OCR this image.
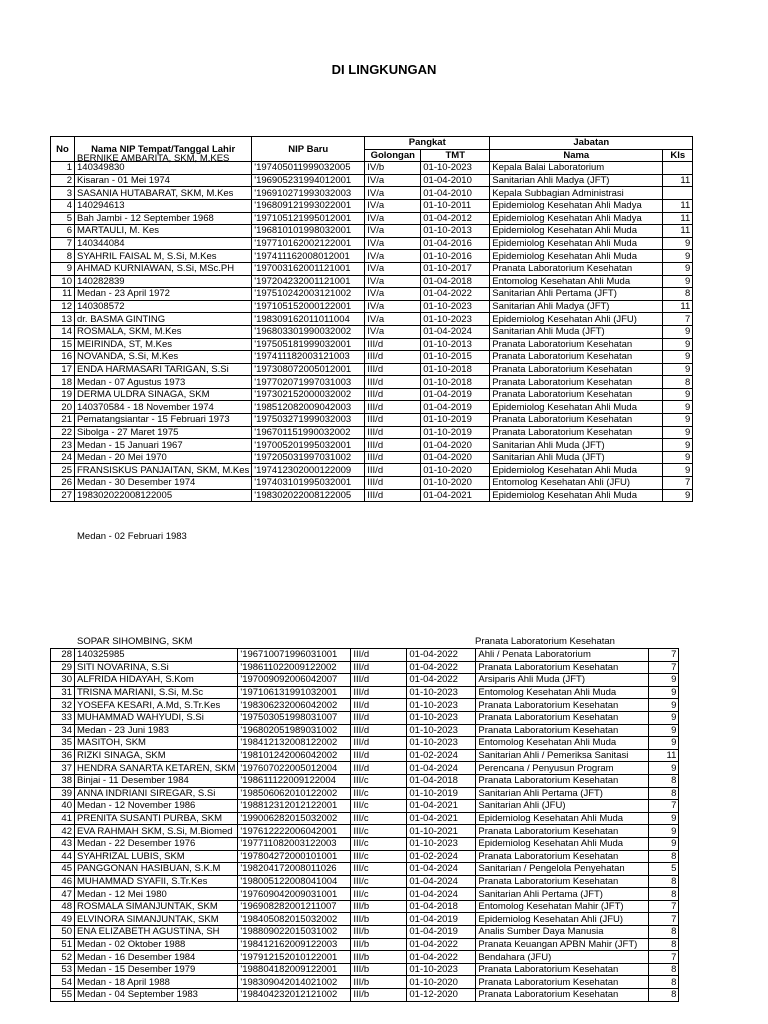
DI LINGKUNGAN
No	Nama NIP Tempat/Tanggal Lahir	NIP Baru	Pangkat		Jabatan	
			Golongan	TMT	Nama	Kls
1	140349830	'197405011999032005	IV/b	01-10-2023	Kepala Balai Laboratorium	
2	Kisaran - 01 Mei 1974	'196905231994012001	IV/a	01-04-2010	Sanitarian Ahli Madya (JFT)	11
3	SASANIA HUTABARAT, SKM, M.Kes	'196910271993032003	IV/a	01-04-2010	Kepala Subbagian Administrasi	
4	140294613	'196809121993022001	IV/a	01-10-2011	Epidemiolog Kesehatan Ahli Madya	11
5	Bah Jambi - 12 September 1968	'197105121995012001	IV/a	01-04-2012	Epidemiolog Kesehatan Ahli Madya	11
6	MARTAULI, M. Kes	'196810101998032001	IV/a	01-10-2013	Epidemiolog Kesehatan Ahli Muda	11
7	140344084	'197710162002122001	IV/a	01-04-2016	Epidemiolog Kesehatan Ahli Muda	9
8	SYAHRIL FAISAL M, S.Si, M.Kes	'197411162008012001	IV/a	01-10-2016	Epidemiolog Kesehatan Ahli Muda	9
9	AHMAD KURNIAWAN, S.Si, MSc.PH	'197003162001121001	IV/a	01-10-2017	Pranata Laboratorium Kesehatan	9
10	140282839	'197204232001121001	IV/a	01-04-2018	Entomolog Kesehatan Ahli Muda	9
11	Medan - 23 April 1972	'197510242003121002	IV/a	01-04-2022	Sanitarian Ahli Pertama (JFT)	8
12	140308572	'197105152000122001	IV/a	01-10-2023	Sanitarian Ahli Madya (JFT)	11
13	dr. BASMA GINTING	'198309162011011004	IV/a	01-10-2023	Epidemiolog Kesehatan Ahli (JFU)	7
14	ROSMALA, SKM, M.Kes	'196803301990032002	IV/a	01-04-2024	Sanitarian Ahli Muda (JFT)	9
15	MEIRINDA, ST, M.Kes	'197505181999032001	III/d	01-10-2013	Pranata Laboratorium Kesehatan	9
16	NOVANDA, S.Si, M.Kes	'197411182003121003	III/d	01-10-2015	Pranata Laboratorium Kesehatan	9
17	ENDA HARMASARI TARIGAN, S.Si	'197308072005012001	III/d	01-10-2018	Pranata Laboratorium Kesehatan	9
18	Medan - 07 Agustus 1973	'197702071997031003	III/d	01-10-2018	Pranata Laboratorium Kesehatan	8
19	DERMA ULDRA SINAGA, SKM	'197302152000032002	III/d	01-04-2019	Pranata Laboratorium Kesehatan	9
20	140370584 - 18 November 1974	'198512082009042003	III/d	01-04-2019	Epidemiolog Kesehatan Ahli Muda	9
21	Pematangsiantar - 15 Februari 1973	'197503271999032003	III/d	01-10-2019	Pranata Laboratorium Kesehatan	9
22	Sibolga - 27 Maret 1975	'196701151990032002	III/d	01-10-2019	Pranata Laboratorium Kesehatan	9
23	Medan - 15 Januari 1967	'197005201995032001	III/d	01-04-2020	Sanitarian Ahli Muda (JFT)	9
24	Medan - 20 Mei 1970	'197205031997031002	III/d	01-04-2020	Sanitarian Ahli Muda (JFT)	9
25	FRANSISKUS PANJAITAN, SKM, M.Kes	'197412302000122009	III/d	01-10-2020	Epidemiolog Kesehatan Ahli Muda	9
26	Medan - 30 Desember 1974	'197403101995032001	III/d	01-10-2020	Entomolog Kesehatan Ahli (JFU)	7
27	198302022008122005	'198302022008122005	III/d	01-04-2021	Epidemiolog Kesehatan Ahli Muda	9
BERNIKE AMBARITA, SKM, M.KES
Medan - 02 Februari 1983
SOPAR SIHOMBING, SKM	Pranata Laboratorium Kesehatan
28	140325985	'196710071996031001	III/d	01-04-2022	Ahli / Penata Laboratorium	7
29	SITI NOVARINA, S.Si	'198611022009122002	III/d	01-04-2022	Pranata Laboratorium Kesehatan	7
30	ALFRIDA HIDAYAH, S.Kom	'197009092006042007	III/d	01-04-2022	Arsiparis Ahli Muda (JFT)	9
31	TRISNA MARIANI, S.Si, M.Sc	'197106131991032001	III/d	01-10-2023	Entomolog Kesehatan Ahli Muda	9
32	YOSEFA KESARI, A.Md, S.Tr.Kes	'198306232006042002	III/d	01-10-2023	Pranata Laboratorium Kesehatan	9
33	MUHAMMAD WAHYUDI, S.Si	'197503051998031007	III/d	01-10-2023	Pranata Laboratorium Kesehatan	9
34	Medan - 23 Juni 1983	'196802051989031002	III/d	01-10-2023	Pranata Laboratorium Kesehatan	9
35	MASITOH, SKM	'198412132008122002	III/d	01-10-2023	Entomolog Kesehatan Ahli Muda	9
36	RIZKI SINAGA, SKM	'198101242006042002	III/d	01-02-2024	Sanitarian Ahli / Pemeriksa Sanitasi	11
37	HENDRA SANARTA KETAREN, SKM	'197607022005012004	III/d	01-04-2024	Perencana / Penyusun Program	9
38	Binjai - 11 Desember 1984	'198611122009122004	III/c	01-04-2018	Pranata Laboratorium Kesehatan	8
39	ANNA INDRIANI SIREGAR, S.Si	'198506062010122002	III/c	01-10-2019	Sanitarian Ahli Pertama (JFT)	8
40	Medan - 12 November 1986	'198812312012122001	III/c	01-04-2021	Sanitarian Ahli (JFU)	7
41	PRENITA SUSANTI PURBA, SKM	'199006282015032002	III/c	01-04-2021	Epidemiolog Kesehatan Ahli Muda	9
42	EVA RAHMAH SKM, S.Si, M.Biomed	'197612222006042001	III/c	01-10-2021	Pranata Laboratorium Kesehatan	9
43	Medan - 22 Desember 1976	'197711082003122003	III/c	01-10-2023	Epidemiolog Kesehatan Ahli Muda	9
44	SYAHRIZAL LUBIS, SKM	'197804272000101001	III/c	01-02-2024	Pranata Laboratorium Kesehatan	8
45	PANGGONAN HASIBUAN, S.K.M	'198204172008011026	III/c	01-04-2024	Sanitarian / Pengelola Penyehatan	5
46	MUHAMMAD SYAFII, S.Tr.Kes	'198005122008041004	III/c	01-04-2024	Pranata Laboratorium Kesehatan	8
47	Medan - 12 Mei 1980	'197609042009031001	III/c	01-04-2024	Sanitarian Ahli Pertama (JFT)	8
48	ROSMALA SIMANJUNTAK, SKM	'196908282001211007	III/b	01-04-2018	Entomolog Kesehatan Mahir (JFT)	7
49	ELVINORA SIMANJUNTAK, SKM	'198405082015032002	III/b	01-04-2019	Epidemiolog Kesehatan Ahli (JFU)	7
50	ENA ELIZABETH AGUSTINA, SH	'198809022015031002	III/b	01-04-2019	Analis Sumber Daya Manusia	8
51	Medan - 02 Oktober 1988	'198412162009122003	III/b	01-04-2022	Pranata Keuangan APBN Mahir (JFT)	8
52	Medan - 16 Desember 1984	'197912152010122001	III/b	01-04-2022	Bendahara (JFU)	7
53	Medan - 15 Desember 1979	'198804182009122001	III/b	01-10-2023	Pranata Laboratorium Kesehatan	8
54	Medan - 18 April 1988	'198309042014021002	III/b	01-10-2020	Pranata Laboratorium Kesehatan	8
55	Medan - 04 September 1983	'198404232012121002	III/b	01-12-2020	Pranata Laboratorium Kesehatan	8
